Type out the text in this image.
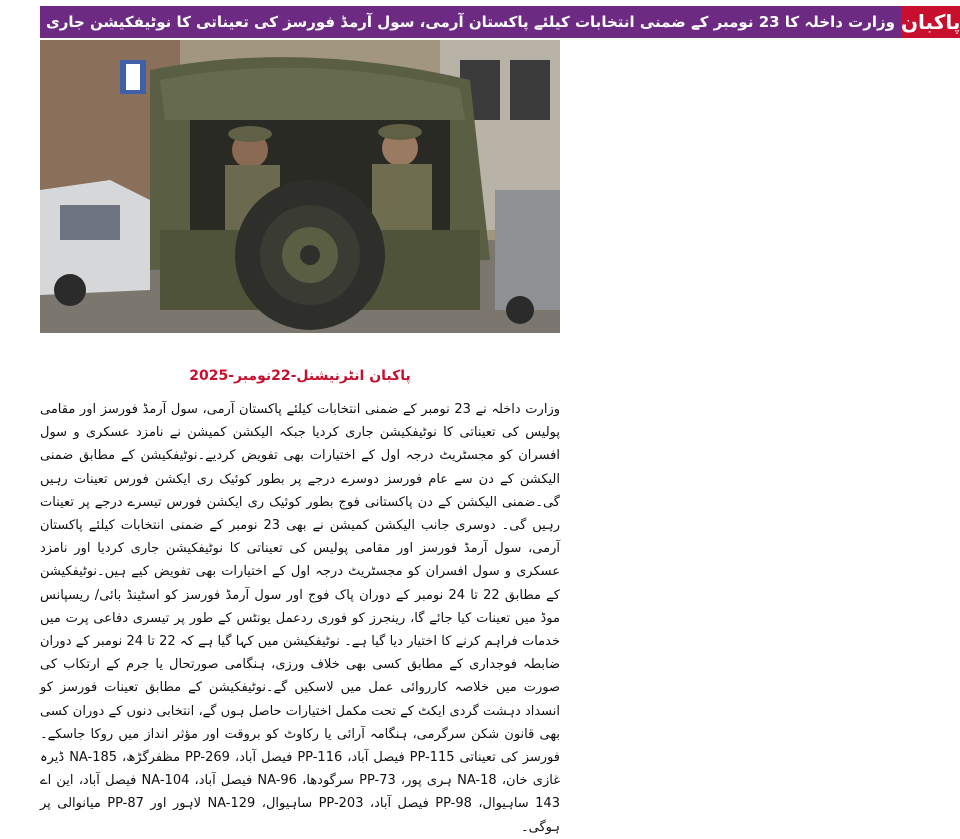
وزارت داخلہ کا 23 نومبر کے ضمنی انتخابات کیلئے پاکستان آرمی، سول آرمڈ فورسز کی تعیناتی کا نوٹیفکیشن جاری پاکبان
پاکبان انٹرنیشنل-22نومبر-2025
وزارت داخلہ نے 23 نومبر کے ضمنی انتخابات کیلئے پاکستان آرمی، سول آرمڈ فورسز اور مقامی پولیس کی تعیناتی کا نوٹیفکیشن جاری کردیا جبکہ الیکشن کمیشن نے نامزد عسکری و سول افسران کو مجسٹریٹ درجہ اول کے اختیارات بھی تفویض کردیے۔نوٹیفکیشن کے مطابق ضمنی الیکشن کے دن سے عام فورسز دوسرے درجے پر بطور کوئیک ری ایکشن فورس تعینات رہیں گی۔ضمنی الیکشن کے دن پاکستانی فوج بطور کوئیک ری ایکشن فورس تیسرے درجے پر تعینات رہیں گی۔ دوسری جانب الیکشن کمیشن نے بھی 23 نومبر کے ضمنی انتخابات کیلئے پاکستان آرمی، سول آرمڈ فورسز اور مقامی پولیس کی تعیناتی کا نوٹیفکیشن جاری کردیا اور نامزد عسکری و سول افسران کو مجسٹریٹ درجہ اول کے اختیارات بھی تفویض کیے ہیں۔نوٹیفکیشن کے مطابق 22 تا 24 نومبر کے دوران پاک فوج اور سول آرمڈ فورسز کو اسٹینڈ بائی/ ریسپانس موڈ میں تعینات کیا جائے گا، رینجرز کو فوری ردعمل یونٹس کے طور پر تیسری دفاعی پرت میں خدمات فراہم کرنے کا اختیار دیا گیا ہے۔ نوٹیفکیشن میں کہا گیا ہے کہ 22 تا 24 نومبر کے دوران ضابطہ فوجداری کے مطابق کسی بھی خلاف ورزی، ہنگامی صورتحال یا جرم کے ارتکاب کی صورت میں خلاصہ کارروائی عمل میں لاسکیں گے۔نوٹیفکیشن کے مطابق تعینات فورسز کو انسداد دہشت گردی ایکٹ کے تحت مکمل اختیارات حاصل ہوں گے، انتخابی دنوں کے دوران کسی بھی قانون شکن سرگرمی، ہنگامہ آرائی یا رکاوٹ کو بروقت اور مؤثر انداز میں روکا جاسکے۔فورسز کی تعیناتی PP-115 فیصل آباد، PP-116 فیصل آباد، PP-269 مظفرگڑھ، NA-185 ڈیرہ غازی خان، NA-18 ہری پور، PP-73 سرگودھا، NA-96 فیصل آباد، NA-104 فیصل آباد، این اے 143 ساہیوال، PP-98 فیصل آباد، PP-203 ساہیوال، NA-129 لاہور اور PP-87 میانوالی پر ہوگی۔
